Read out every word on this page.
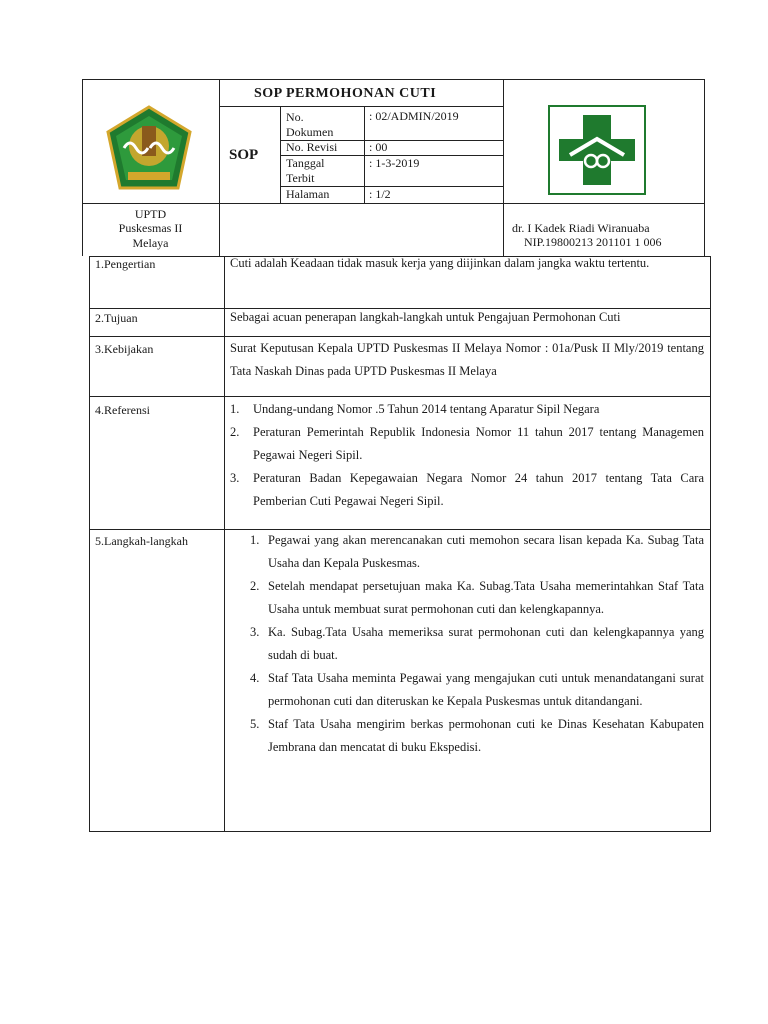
SOP PERMOHONAN CUTI
SOP
No.
Dokumen
: 02/ADMIN/2019
No. Revisi	: 00
Tanggal
Terbit
: 1-3-2019
Halaman	: 1/2
UPTD
Puskesmas II
Melaya
dr. I Kadek Riadi Wiranuaba
NIP.19800213 201101 1 006
1.Pengertian	Cuti adalah Keadaan tidak masuk kerja yang diijinkan dalam jangka waktu tertentu.
2.Tujuan	Sebagai acuan penerapan langkah-langkah untuk Pengajuan Permohonan Cuti
3.Kebijakan	Surat Keputusan Kepala UPTD Puskesmas II Melaya Nomor : 01a/Pusk II Mly/2019 tentang Tata Naskah Dinas pada UPTD Puskesmas II Melaya
4.Referensi	1. Undang-undang Nomor .5 Tahun 2014 tentang Aparatur Sipil Negara
2. Peraturan Pemerintah Republik Indonesia Nomor 11 tahun 2017 tentang Managemen Pegawai Negeri Sipil.
3. Peraturan Badan Kepegawaian Negara Nomor 24 tahun 2017 tentang Tata Cara Pemberian Cuti Pegawai Negeri Sipil.
5.Langkah-langkah	1. Pegawai yang akan merencanakan cuti memohon secara lisan kepada Ka. Subag Tata Usaha dan Kepala Puskesmas.
2. Setelah mendapat persetujuan maka Ka. Subag.Tata Usaha memerintahkan Staf Tata Usaha untuk membuat surat permohonan cuti dan kelengkapannya.
3. Ka. Subag.Tata Usaha memeriksa surat permohonan cuti dan kelengkapannya yang sudah di buat.
4. Staf Tata Usaha meminta Pegawai yang mengajukan cuti untuk menandatangani surat permohonan cuti dan diteruskan ke Kepala Puskesmas untuk ditandangani.
5. Staf Tata Usaha mengirim berkas permohonan cuti ke Dinas Kesehatan Kabupaten Jembrana dan mencatat di buku Ekspedisi.
